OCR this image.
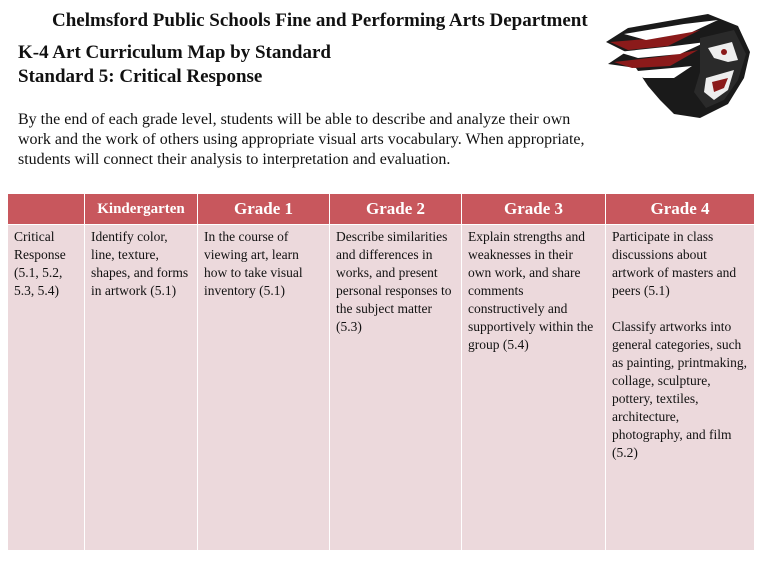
Chelmsford Public Schools Fine and Performing Arts Department
K-4 Art Curriculum Map by Standard
Standard 5: Critical Response
By the end of each grade level, students will be able to describe and analyze their own work and the work of others using appropriate visual arts vocabulary. When appropriate, students will connect their analysis to interpretation and evaluation.
	Kindergarten	Grade 1	Grade 2	Grade 3	Grade 4
Critical Response (5.1, 5.2, 5.3, 5.4)	Identify color, line, texture, shapes, and forms in artwork (5.1)	In the course of viewing art, learn how to take visual inventory (5.1)	Describe similarities and differences in works, and present personal responses to the subject matter (5.3)	Explain strengths and weaknesses in their own work, and share comments constructively and supportively within the group (5.4)	Participate in class discussions about artwork of masters and peers (5.1)

Classify artworks into general categories, such as painting, printmaking, collage, sculpture, pottery, textiles, architecture, photography, and film (5.2)
